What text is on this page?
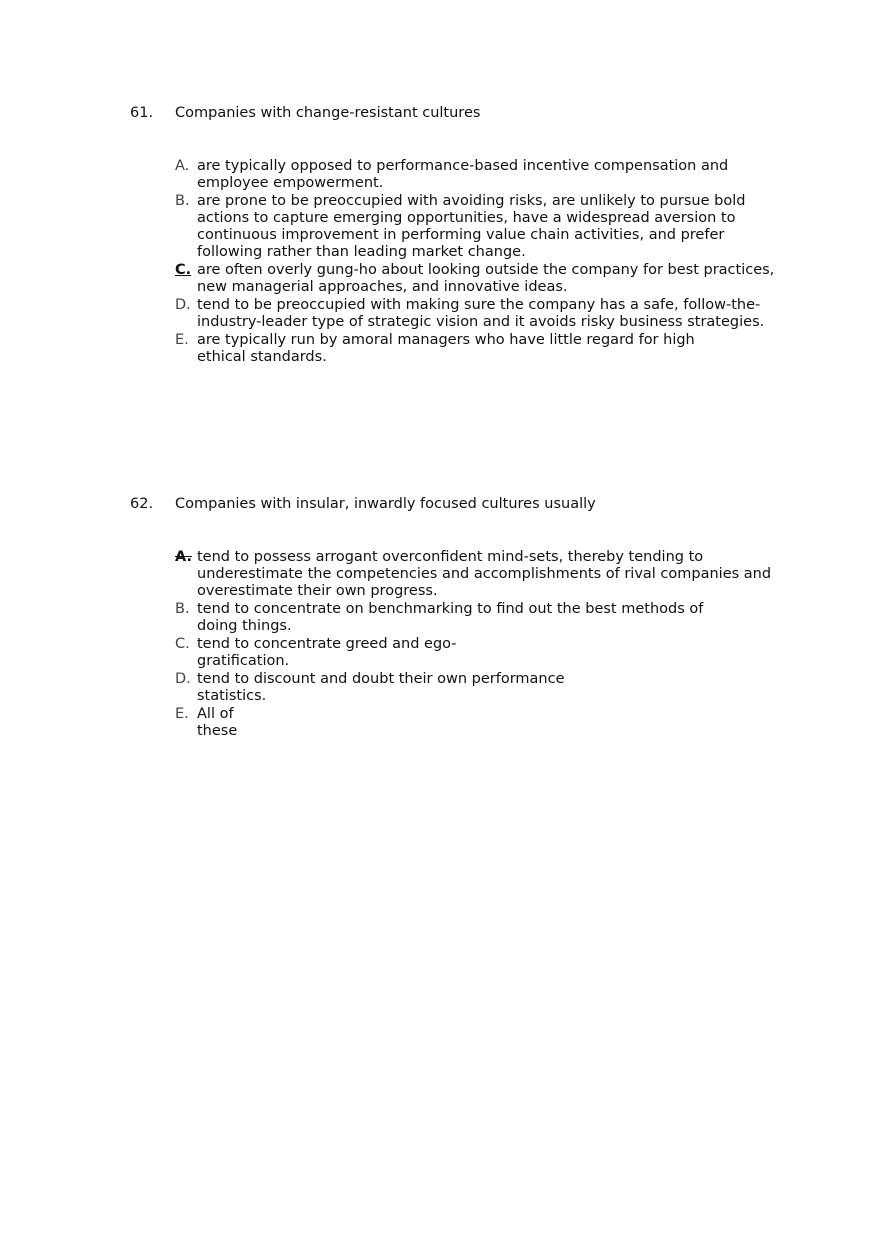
61. Companies with change-resistant cultures
A. are typically opposed to performance-based incentive compensation and
employee empowerment.
B. are prone to be preoccupied with avoiding risks, are unlikely to pursue bold
actions to capture emerging opportunities, have a widespread aversion to
continuous improvement in performing value chain activities, and prefer
following rather than leading market change.
C. are often overly gung-ho about looking outside the company for best practices,
new managerial approaches, and innovative ideas.
D. tend to be preoccupied with making sure the company has a safe, follow-the-
industry-leader type of strategic vision and it avoids risky business strategies.
E. are typically run by amoral managers who have little regard for high
ethical standards.
62. Companies with insular, inwardly focused cultures usually
A. tend to possess arrogant overconfident mind-sets, thereby tending to
underestimate the competencies and accomplishments of rival companies and
overestimate their own progress.
B. tend to concentrate on benchmarking to find out the best methods of
doing things.
C. tend to concentrate greed and ego-
gratification.
D. tend to discount and doubt their own performance
statistics.
E. All of
these
